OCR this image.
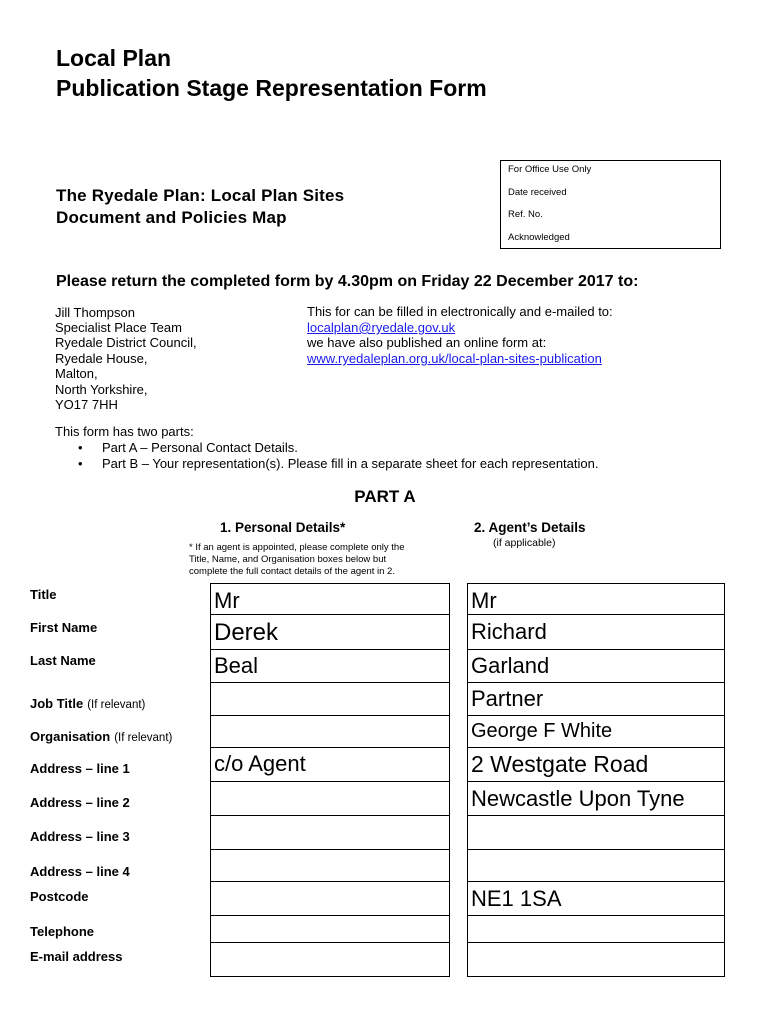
Local Plan
Publication Stage Representation Form
The Ryedale Plan: Local Plan Sites
Document and Policies Map
For Office Use Only
Date received
Ref. No.
Acknowledged
Please return the completed form by 4.30pm on Friday 22 December 2017 to:
Jill Thompson
Specialist Place Team
Ryedale District Council,
Ryedale House,
Malton,
North Yorkshire,
YO17 7HH
This for can be filled in electronically and e-mailed to:
localplan@ryedale.gov.uk
we have also published an online form at:
www.ryedaleplan.org.uk/local-plan-sites-publication
This form has two parts:
• Part A – Personal Contact Details.
• Part B – Your representation(s). Please fill in a separate sheet for each representation.
PART A
1. Personal Details*
* If an agent is appointed, please complete only the
Title, Name, and Organisation boxes below but
complete the full contact details of the agent in 2.
2. Agent’s Details
(if applicable)
Title
First Name
Last Name
Job Title (If relevant)
Organisation (If relevant)
Address – line 1
Address – line 2
Address – line 3
Address – line 4
Postcode
Telephone
E-mail address
Mr
Derek
Beal
c/o Agent
Mr
Richard
Garland
Partner
George F White
2 Westgate Road
Newcastle Upon Tyne
NE1 1SA
